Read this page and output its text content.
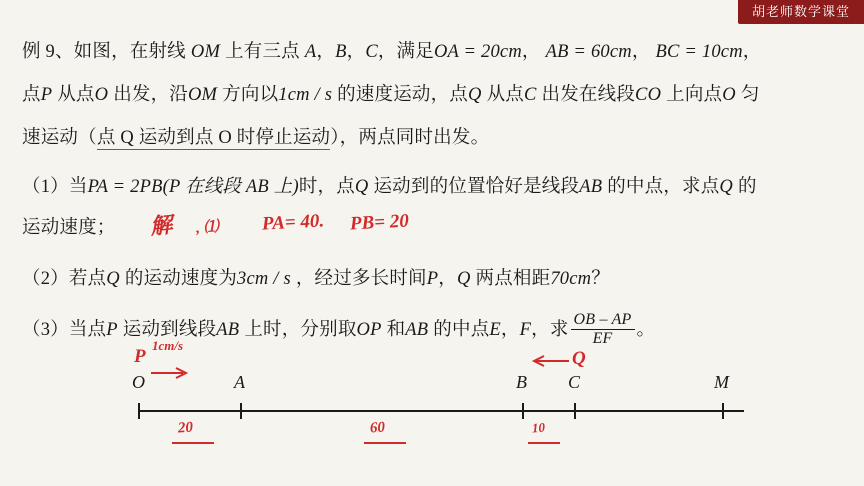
胡老师数学课堂
例 9、如图，在射线 OM 上有三点 A，B，C，满足OA = 20cm， AB = 60cm， BC = 10cm，
点P 从点O 出发，沿OM 方向以1cm / s 的速度运动，点Q 从点C 出发在线段CO 上向点O 匀
速运动（点 Q 运动到点 O 时停止运动），两点同时出发。
（1）当PA = 2PB(P 在线段 AB 上)时，点Q 运动到的位置恰好是线段AB 的中点，求点Q 的
运动速度；
（2）若点Q 的运动速度为3cm / s ，经过多长时间P，Q 两点相距70cm？
（3）当点P 运动到线段AB 上时，分别取OP 和AB 的中点E，F，求 $\frac{OB - AP}{EF}$ 。
解 , ⑴ PA= 40. PB= 20
O	A	B C	M
20	60	10
P
1cm/s
Q
